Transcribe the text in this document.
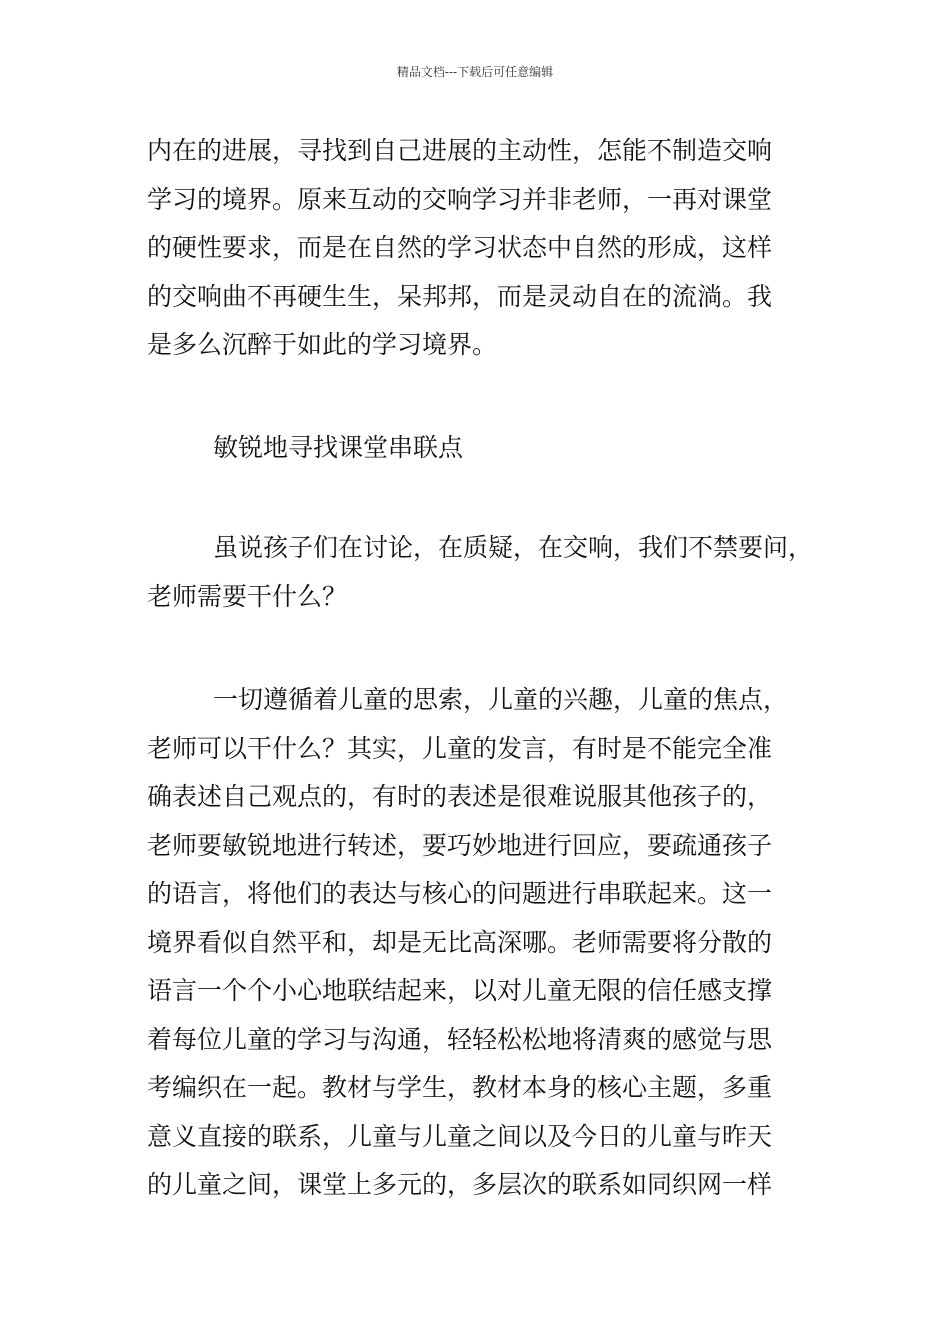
精品文档---下载后可任意编辑

内在的进展，寻找到自己进展的主动性，怎能不制造交响
学习的境界。原来互动的交响学习并非老师，一再对课堂
的硬性要求，而是在自然的学习状态中自然的形成，这样
的交响曲不再硬生生，呆邦邦，而是灵动自在的流淌。我
是多么沉醉于如此的学习境界。

敏锐地寻找课堂串联点

虽说孩子们在讨论，在质疑，在交响，我们不禁要问，
老师需要干什么？

一切遵循着儿童的思索，儿童的兴趣，儿童的焦点，
老师可以干什么？其实，儿童的发言，有时是不能完全准
确表述自己观点的，有时的表述是很难说服其他孩子的，
老师要敏锐地进行转述，要巧妙地进行回应，要疏通孩子
的语言，将他们的表达与核心的问题进行串联起来。这一
境界看似自然平和，却是无比高深哪。老师需要将分散的
语言一个个小心地联结起来，以对儿童无限的信任感支撑
着每位儿童的学习与沟通，轻轻松松地将清爽的感觉与思
考编织在一起。教材与学生，教材本身的核心主题，多重
意义直接的联系，儿童与儿童之间以及今日的儿童与昨天
的儿童之间，课堂上多元的，多层次的联系如同织网一样
